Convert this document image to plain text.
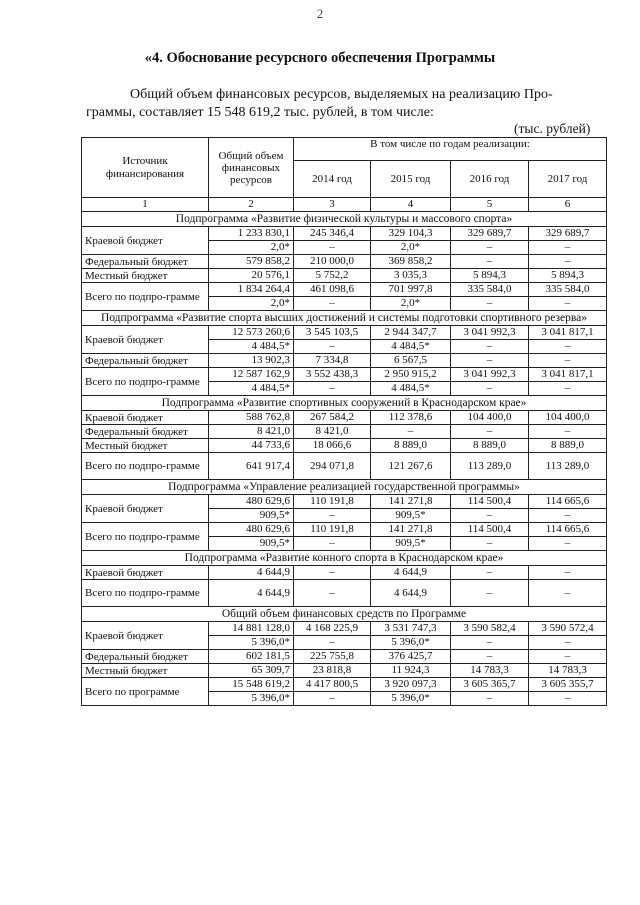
2
«4. Обоснование ресурсного обеспечения Программы
Общий объем финансовых ресурсов, выделяемых на реализацию Про-
граммы, составляет 15 548 619,2 тыс. рублей, в том числе:
(тыс. рублей)
Источник финансирования	Общий объем финансовых ресурсов	В том числе по годам реализации:			
		2014 год	2015 год	2016 год	2017 год
1	2	3	4	5	6
Подпрограмма «Развитие физической культуры и массового спорта»					
Краевой бюджет	1 233 830,1	245 346,4	329 104,3	329 689,7	329 689,7
	2,0*	–	2,0*	–	–
Федеральный бюджет	579 858,2	210 000,0	369 858,2	–	–
Местный бюджет	20 576,1	5 752,2	3 035,3	5 894,3	5 894,3
Всего по подпро-граммe	1 834 264,4	461 098,6	701 997,8	335 584,0	335 584,0
	2,0*	–	2,0*	–	–
Подпрограмма «Развитие спорта высших достижений и системы подготовки спортивного резерва»					
Краевой бюджет	12 573 260,6	3 545 103,5	2 944 347,7	3 041 992,3	3 041 817,1
	4 484,5*	–	4 484,5*	–	–
Федеральный бюджет	13 902,3	7 334,8	6 567,5	–	–
Всего по подпро-грамме	12 587 162,9	3 552 438,3	2 950 915,2	3 041 992,3	3 041 817,1
	4 484,5*	–	4 484,5*	–	–
Подпрограмма «Развитие спортивных сооружений в Краснодарском крае»					
Краевой бюджет	588 762,8	267 584,2	112 378,6	104 400,0	104 400,0
Федеральный бюджет	8 421,0	8 421,0	–	–	–
Местный бюджет	44 733,6	18 066,6	8 889,0	8 889,0	8 889,0
Всего по подпро-грамме	641 917,4	294 071,8	121 267,6	113 289,0	113 289,0
Подпрограмма «Управление реализацией государственной программы»					
Краевой бюджет	480 629,6	110 191,8	141 271,8	114 500,4	114 665,6
	909,5*	–	909,5*	–	–
Всего по подпро-грамме	480 629,6	110 191,8	141 271,8	114 500,4	114 665,6
	909,5*	–	909,5*	–	–
Подпрограмма «Развитие конного спорта в Краснодарском крае»					
Краевой бюджет	4 644,9	–	4 644,9	–	–
Всего по подпро-грамме	4 644,9	–	4 644,9	–	–
Общий объем финансовых средств по Программе					
Краевой бюджет	14 881 128,0	4 168 225,9	3 531 747,3	3 590 582,4	3 590 572,4
	5 396,0*	–	5 396,0*	–	–
Федеральный бюджет	602 181,5	225 755,8	376 425,7	–	–
Местный бюджет	65 309,7	23 818,8	11 924,3	14 783,3	14 783,3
Всего по программе	15 548 619,2	4 417 800,5	3 920 097,3	3 605 365,7	3 605 355,7
	5 396,0*	–	5 396,0*	–	–
